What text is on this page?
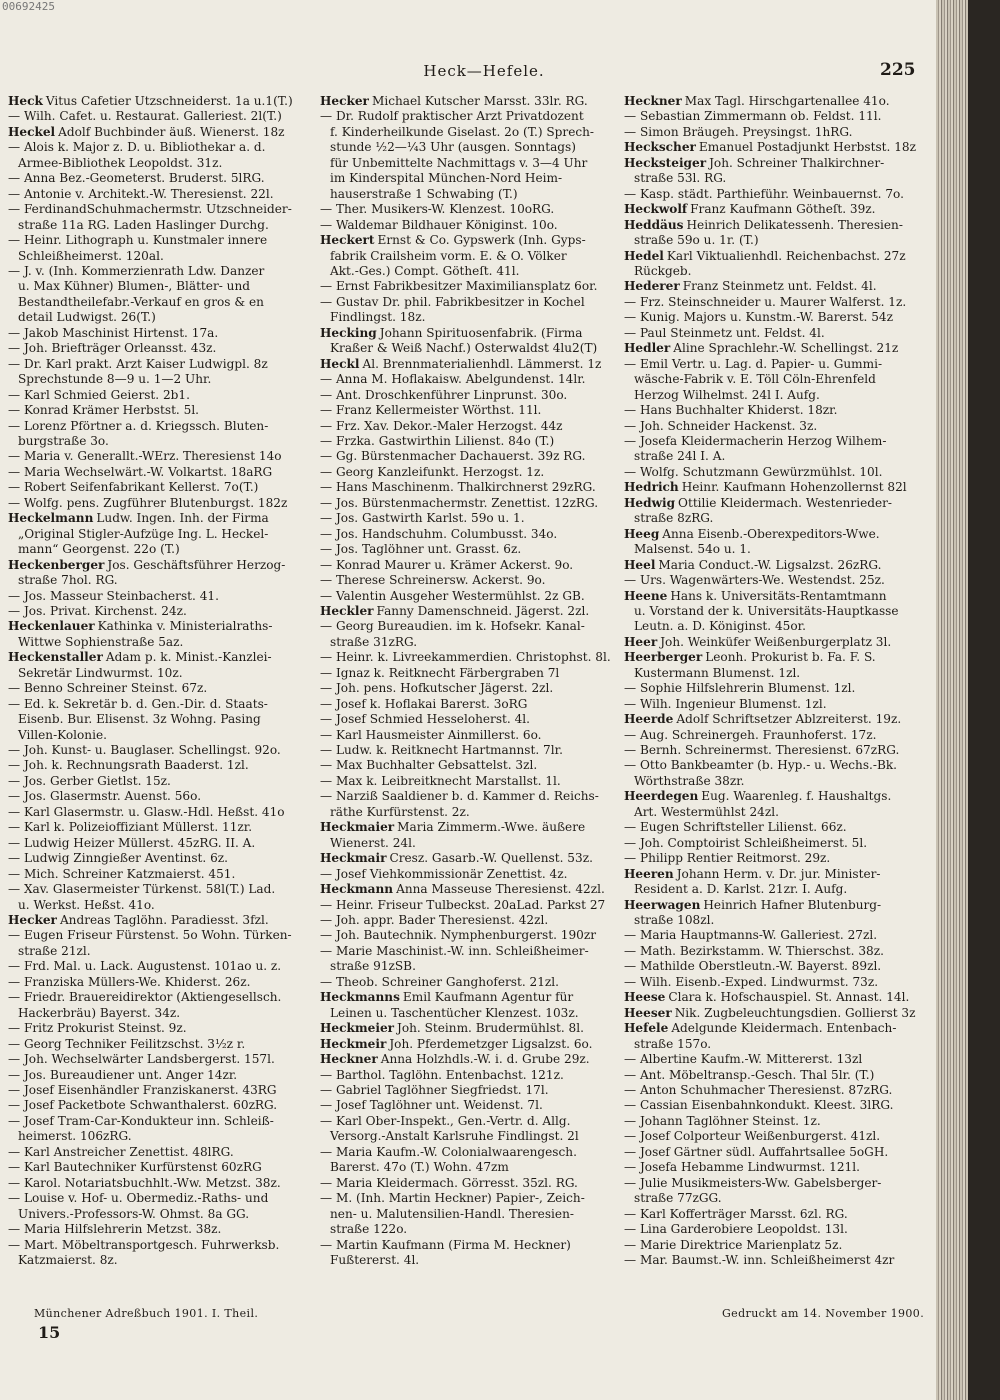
00692425
Heck—Hefele.	225

Heck Vitus Cafetier Utzschneiderst. 1a u.1(T.)

— Wilh. Cafet. u. Restaurat. Galleriest. 2l(T.)

Heckel Adolf Buchbinder äuß. Wienerst. 18z

— Alois k. Major z. D. u. Bibliothekar a. d.

Armee-Bibliothek Leopoldst. 31z.

— Anna Bez.-Geometerst. Bruderst. 5lRG.

— Antonie v. Architekt.-W. Theresienst. 22l.

— FerdinandSchuhmachermstr. Utzschneider-

straße 11a RG. Laden Haslinger Durchg.

— Heinr. Lithograph u. Kunstmaler innere

Schleißheimerst. 120al.

— J. v. (Inh. Kommerzienrath Ldw. Danzer

u. Max Kühner) Blumen-, Blätter- und

Bestandtheilefabr.-Verkauf en gros & en

detail Ludwigst. 26(T.)

— Jakob Maschinist Hirtenst. 17a.

— Joh. Briefträger Orleansst. 43z.

— Dr. Karl prakt. Arzt Kaiser Ludwigpl. 8z

Sprechstunde 8—9 u. 1—2 Uhr.

— Karl Schmied Geierst. 2b1.

— Konrad Krämer Herbstst. 5l.

— Lorenz Pförtner a. d. Kriegssch. Bluten-

burgstraße 3o.

— Maria v. Generallt.-WErz. Theresienst 14o

— Maria Wechselwärt.-W. Volkartst. 18aRG

— Robert Seifenfabrikant Kellerst. 7o(T.)

— Wolfg. pens. Zugführer Blutenburgst. 182z

Heckelmann Ludw. Ingen. Inh. der Firma

„Original Stigler-Aufzüge Ing. L. Heckel-

mann“ Georgenst. 22o (T.)

Heckenberger Jos. Geschäftsführer Herzog-

straße 7hol. RG.

— Jos. Masseur Steinbacherst. 41.

— Jos. Privat. Kirchenst. 24z.

Heckenlauer Kathinka v. Ministerialraths-

Wittwe Sophienstraße 5az.

Heckenstaller Adam p. k. Minist.-Kanzlei-

Sekretär Lindwurmst. 10z.

— Benno Schreiner Steinst. 67z.

— Ed. k. Sekretär b. d. Gen.-Dir. d. Staats-

Eisenb. Bur. Elisenst. 3z Wohng. Pasing

Villen-Kolonie.

— Joh. Kunst- u. Bauglaser. Schellingst. 92o.

— Joh. k. Rechnungsrath Baaderst. 1zl.

— Jos. Gerber Gietlst. 15z.

— Jos. Glasermstr. Auenst. 56o.

— Karl Glasermstr. u. Glasw.-Hdl. Heßst. 41o

— Karl k. Polizeioffiziant Müllerst. 11zr.

— Ludwig Heizer Müllerst. 45zRG. II. A.

— Ludwig Zinngießer Aventinst. 6z.

— Mich. Schreiner Katzmaierst. 451.

— Xav. Glasermeister Türkenst. 58l(T.) Lad.

u. Werkst. Heßst. 41o.

Hecker Andreas Taglöhn. Paradiesst. 3fzl.

— Eugen Friseur Fürstenst. 5o Wohn. Türken-

straße 21zl.

— Frd. Mal. u. Lack. Augustenst. 101ao u. z.

— Franziska Müllers-We. Khiderst. 26z.

— Friedr. Brauereidirektor (Aktiengesellsch.

Hackerbräu) Bayerst. 34z.

— Fritz Prokurist Steinst. 9z.

— Georg Techniker Feilitzschst. 3½z r.

— Joh. Wechselwärter Landsbergerst. 157l.

— Jos. Bureaudiener unt. Anger 14zr.

— Josef Eisenhändler Franziskanerst. 43RG

— Josef Packetbote Schwanthalerst. 60zRG.

— Josef Tram-Car-Kondukteur inn. Schleiß-

heimerst. 106zRG.

— Karl Anstreicher Zenettist. 48lRG.

— Karl Bautechniker Kurfürstenst 60zRG

— Karol. Notariatsbuchhlt.-Ww. Metzst. 38z.

— Louise v. Hof- u. Obermediz.-Raths- und

Univers.-Professors-W. Ohmst. 8a GG.

— Maria Hilfslehrerin Metzst. 38z.

— Mart. Möbeltransportgesch. Fuhrwerksb.

Katzmaierst. 8z.

Hecker Michael Kutscher Marsst. 33lr. RG.

— Dr. Rudolf praktischer Arzt Privatdozent

f. Kinderheilkunde Giselast. 2o (T.) Sprech-

stunde ½2—¼3 Uhr (ausgen. Sonntags)

für Unbemittelte Nachmittags v. 3—4 Uhr

im Kinderspital München-Nord Heim-

hauserstraße 1 Schwabing (T.)

— Ther. Musikers-W. Klenzest. 10oRG.

— Waldemar Bildhauer Königinst. 10o.

Heckert Ernst & Co. Gypswerk (Inh. Gyps-

fabrik Crailsheim vorm. E. & O. Völker

Akt.-Ges.) Compt. Götheſt. 41l.

— Ernst Fabrikbesitzer Maximiliansplatz 6or.

— Gustav Dr. phil. Fabrikbesitzer in Kochel

Findlingst. 18z.

Hecking Johann Spirituosenfabrik. (Firma

Kraßer & Weiß Nachf.) Osterwaldst 4lu2(T)

Heckl Al. Brennmaterialienhdl. Lämmerst. 1z

— Anna M. Hoflakaisw. Abelgundenst. 14lr.

— Ant. Droschkenführer Linprunst. 30o.

— Franz Kellermeister Wörthst. 11l.

— Frz. Xav. Dekor.-Maler Herzogst. 44z

— Frzka. Gastwirthin Lilienst. 84o (T.)

— Gg. Bürstenmacher Dachauerst. 39z RG.

— Georg Kanzleifunkt. Herzogst. 1z.

— Hans Maschinenm. Thalkirchnerst 29zRG.

— Jos. Bürstenmachermstr. Zenettist. 12zRG.

— Jos. Gastwirth Karlst. 59o u. 1.

— Jos. Handschuhm. Columbusst. 34o.

— Jos. Taglöhner unt. Grasst. 6z.

— Konrad Maurer u. Krämer Ackerst. 9o.

— Therese Schreinersw. Ackerst. 9o.

— Valentin Ausgeher Westermühlst. 2z GB.

Heckler Fanny Damenschneid. Jägerst. 2zl.

— Georg Bureaudien. im k. Hofsekr. Kanal-

straße 31zRG.

— Heinr. k. Livreekammerdien. Christophst. 8l.

— Ignaz k. Reitknecht Färbergraben 7l

— Joh. pens. Hofkutscher Jägerst. 2zl.

— Josef k. Hoflakai Barerst. 3oRG

— Josef Schmied Hesseloherst. 4l.

— Karl Hausmeister Ainmillerst. 6o.

— Ludw. k. Reitknecht Hartmannst. 7lr.

— Max Buchhalter Gebsattelst. 3zl.

— Max k. Leibreitknecht Marstallst. 1l.

— Narziß Saaldiener b. d. Kammer d. Reichs-

räthe Kurfürstenst. 2z.

Heckmaier Maria Zimmerm.-Wwe. äußere

Wienerst. 24l.

Heckmair Cresz. Gasarb.-W. Quellenst. 53z.

— Josef Viehkommissionär Zenettist. 4z.

Heckmann Anna Masseuse Theresienst. 42zl.

— Heinr. Friseur Tulbeckst. 20aLad. Parkst 27

— Joh. appr. Bader Theresienst. 42zl.

— Joh. Bautechnik. Nymphenburgerst. 190zr

— Marie Maschinist.-W. inn. Schleißheimer-

straße 91zSB.

— Theob. Schreiner Ganghoferst. 21zl.

Heckmanns Emil Kaufmann Agentur für

Leinen u. Taschentücher Klenzest. 103z.

Heckmeier Joh. Steinm. Brudermühlst. 8l.

Heckmeir Joh. Pferdemetzger Ligsalzst. 6o.

Heckner Anna Holzhdls.-W. i. d. Grube 29z.

— Barthol. Taglöhn. Entenbachst. 121z.

— Gabriel Taglöhner Siegfriedst. 17l.

— Josef Taglöhner unt. Weidenst. 7l.

— Karl Ober-Inspekt., Gen.-Vertr. d. Allg.

Versorg.-Anstalt Karlsruhe Findlingst. 2l

— Maria Kaufm.-W. Colonialwaarengesch.

Barerst. 47o (T.) Wohn. 47zm

— Maria Kleidermach. Görresst. 35zl. RG.

— M. (Inh. Martin Heckner) Papier-, Zeich-

nen- u. Malutensilien-Handl. Theresien-

straße 122o.

— Martin Kaufmann (Firma M. Heckner)

Fußtererst. 4l.

Heckner Max Tagl. Hirschgartenallee 41o.

— Sebastian Zimmermann ob. Feldst. 11l.

— Simon Bräugeh. Preysingst. 1hRG.

Heckscher Emanuel Postadjunkt Herbstst. 18z

Hecksteiger Joh. Schreiner Thalkirchner-

straße 53l. RG.

— Kasp. städt. Parthieführ. Weinbauernst. 7o.

Heckwolf Franz Kaufmann Götheſt. 39z.

Heddäus Heinrich Delikatessenh. Theresien-

straße 59o u. 1r. (T.)

Hedel Karl Viktualienhdl. Reichenbachst. 27z

Rückgeb.

Hederer Franz Steinmetz unt. Feldst. 4l.

— Frz. Steinschneider u. Maurer Walferst. 1z.

— Kunig. Majors u. Kunstm.-W. Barerst. 54z

— Paul Steinmetz unt. Feldst. 4l.

Hedler Aline Sprachlehr.-W. Schellingst. 21z

— Emil Vertr. u. Lag. d. Papier- u. Gummi-

wäsche-Fabrik v. E. Töll Cöln-Ehrenfeld

Herzog Wilhelmst. 24l I. Aufg.

— Hans Buchhalter Khiderst. 18zr.

— Joh. Schneider Hackenst. 3z.

— Josefa Kleidermacherin Herzog Wilhem-

straße 24l I. A.

— Wolfg. Schutzmann Gewürzmühlst. 10l.

Hedrich Heinr. Kaufmann Hohenzollernst 82l

Hedwig Ottilie Kleidermach. Westenrieder-

straße 8zRG.

Heeg Anna Eisenb.-Oberexpeditors-Wwe.

Malsenst. 54o u. 1.

Heel Maria Conduct.-W. Ligsalzst. 26zRG.

— Urs. Wagenwärters-We. Westendst. 25z.

Heene Hans k. Universitäts-Rentamtmann

u. Vorstand der k. Universitäts-Hauptkasse

Leutn. a. D. Königinst. 45or.

Heer Joh. Weinküfer Weißenburgerplatz 3l.

Heerberger Leonh. Prokurist b. Fa. F. S.

Kustermann Blumenst. 1zl.

— Sophie Hilfslehrerin Blumenst. 1zl.

— Wilh. Ingenieur Blumenst. 1zl.

Heerde Adolf Schriftsetzer Ablzreiterst. 19z.

— Aug. Schreinergeh. Fraunhoferst. 17z.

— Bernh. Schreinermst. Theresienst. 67zRG.

— Otto Bankbeamter (b. Hyp.- u. Wechs.-Bk.

Wörthstraße 38zr.

Heerdegen Eug. Waarenleg. f. Haushaltgs.

Art. Westermühlst 24zl.

— Eugen Schriftsteller Lilienst. 66z.

— Joh. Comptoirist Schleißheimerst. 5l.

— Philipp Rentier Reitmorst. 29z.

Heeren Johann Herm. v. Dr. jur. Minister-

Resident a. D. Karlst. 21zr. I. Aufg.

Heerwagen Heinrich Hafner Blutenburg-

straße 108zl.

— Maria Hauptmanns-W. Galleriest. 27zl.

— Math. Bezirkstamm. W. Thierschst. 38z.

— Mathilde Oberstleutn.-W. Bayerst. 89zl.

— Wilh. Eisenb.-Exped. Lindwurmst. 73z.

Heese Clara k. Hofschauspiel. St. Annast. 14l.

Heeser Nik. Zugbeleuchtungsdien. Gollierst 3z

Hefele Adelgunde Kleidermach. Entenbach-

straße 157o.

— Albertine Kaufm.-W. Mittererst. 13zl

— Ant. Möbeltransp.-Gesch. Thal 5lr. (T.)

— Anton Schuhmacher Theresienst. 87zRG.

— Cassian Eisenbahnkondukt. Kleest. 3lRG.

— Johann Taglöhner Steinst. 1z.

— Josef Colporteur Weißenburgerst. 41zl.

— Josef Gärtner südl. Auffahrtsallee 5oGH.

— Josefa Hebamme Lindwurmst. 121l.

— Julie Musikmeisters-Ww. Gabelsberger-

straße 77zGG.

— Karl Kofferträger Marsst. 6zl. RG.

— Lina Garderobiere Leopoldst. 13l.

— Marie Direktrice Marienplatz 5z.

— Mar. Baumst.-W. inn. Schleißheimerst 4zr

Münchener Adreßbuch 1901. I. Theil.	Gedruckt am 14. November 1900.
15
